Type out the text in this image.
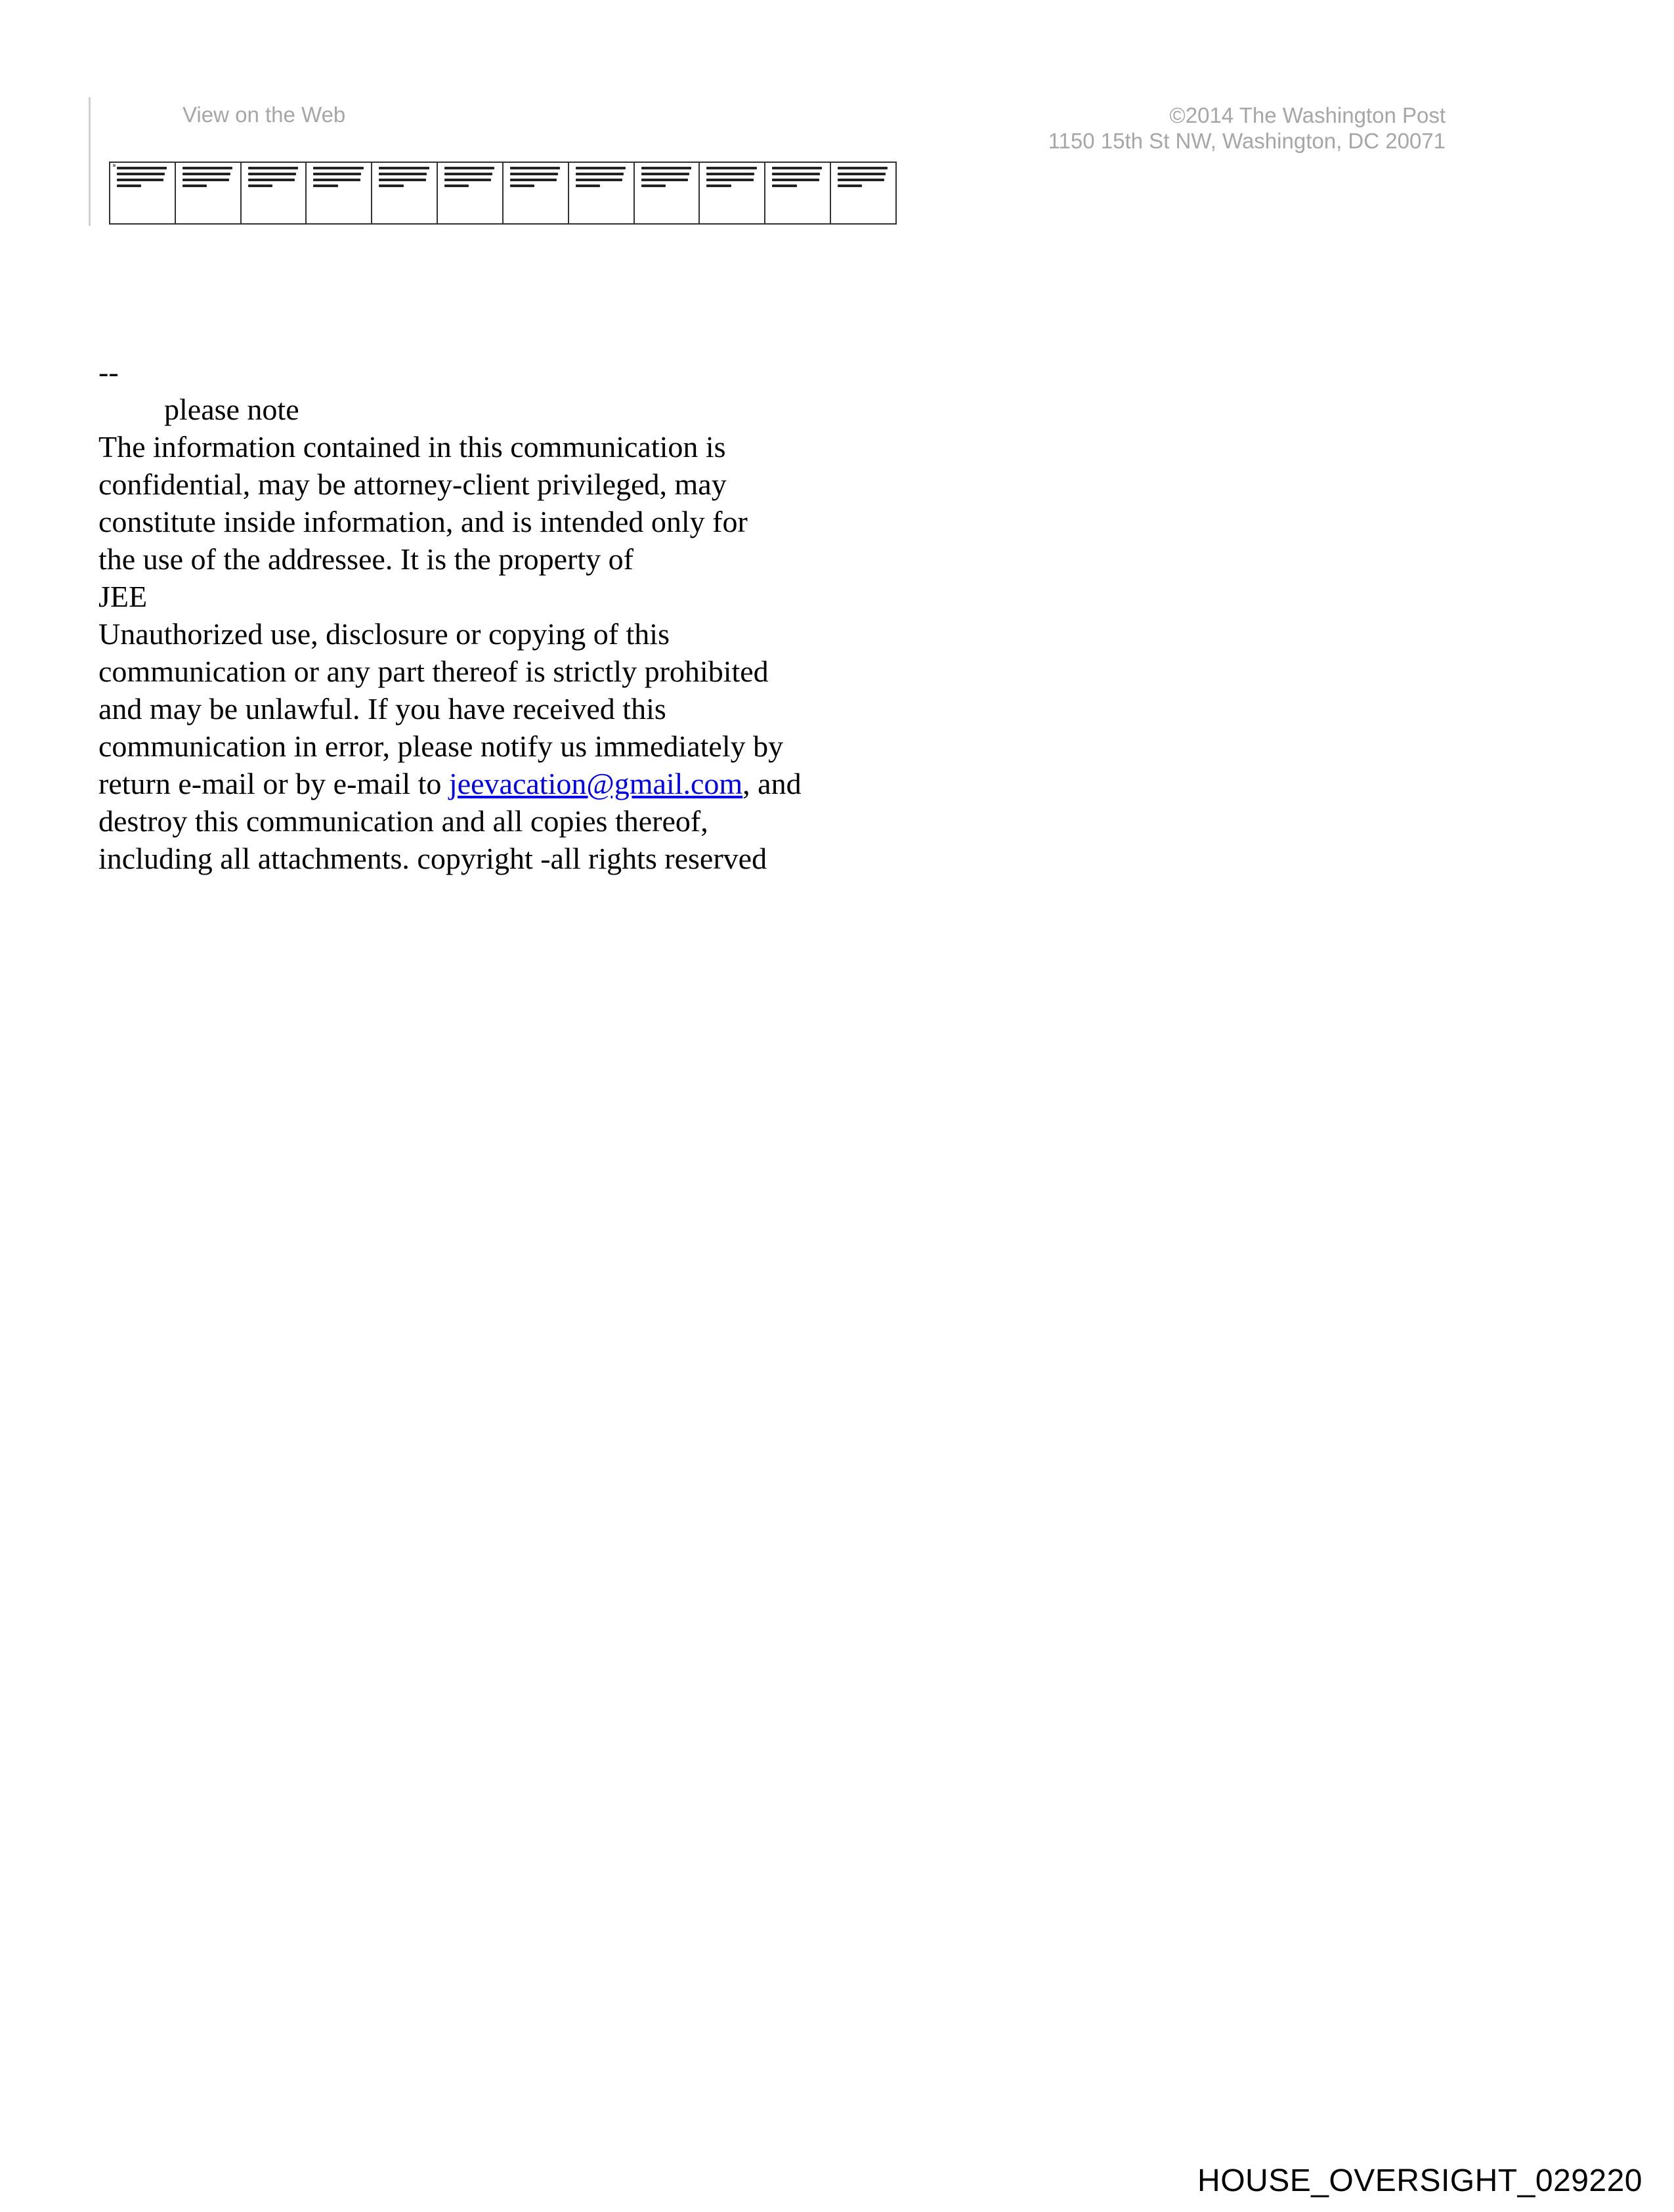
View on the Web	©2014 The Washington Post
1150 15th St NW, Washington, DC 20071
--
please note
The information contained in this communication is
confidential, may be attorney-client privileged, may
constitute inside information, and is intended only for
the use of the addressee. It is the property of
JEE
Unauthorized use, disclosure or copying of this
communication or any part thereof is strictly prohibited
and may be unlawful. If you have received this
communication in error, please notify us immediately by
return e-mail or by e-mail to jeevacation@gmail.com, and
destroy this communication and all copies thereof,
including all attachments. copyright -all rights reserved
HOUSE_OVERSIGHT_029220
